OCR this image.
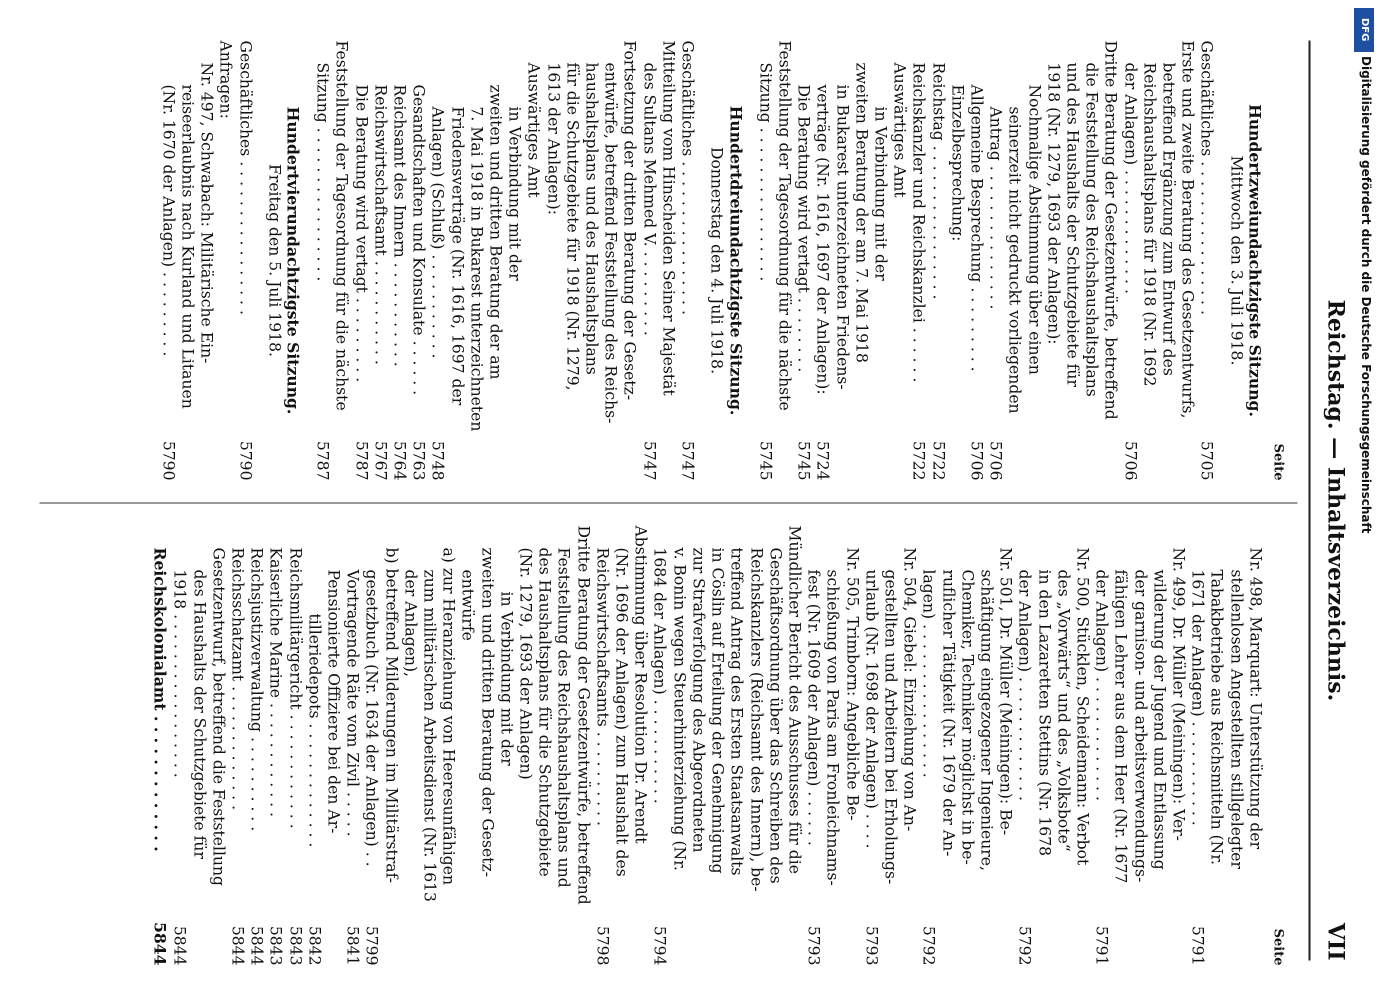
Reichstag. — Inhaltsverzeichnis.
VII
Seite
Hundertzweiundachtzigste Sitzung.
Mittwoch den 3. Juli 1918.
Geschäftliches . . . . . . . . . . . . . . . .
5705
Erste und zweite Beratung des Gesetzentwurfs,
betreffend Ergänzung zum Entwurf des
Reichshaushaltsplans für 1918 (Nr. 1692
der Anlagen) . . . . . . . . . . . . .
5706
Dritte Beratung der Gesetzentwürfe, betreffend
die Feststellung des Reichshaushaltsplans
und des Haushalts der Schutzgebiete für
1918 (Nr. 1279, 1693 der Anlagen):
Nochmalige Abstimmung über einen
seinerzeit nicht gedruckt vorliegenden
Antrag . . . . . . . . . . . . . . .
5706
Allgemeine Besprechung . . . . . . . . .
5706
Einzelbesprechung:
Reichstag . . . . . . . . . . . . . . . .
5722
Reichskanzler und Reichskanzlei . . . . . .
5722
Auswärtiges Amt
in Verbindung mit der
zweiten Beratung der am 7. Mai 1918
in Bukarest unterzeichneten Friedens-
verträge (Nr. 1616, 1697 der Anlagen):
5724
Die Beratung wird vertagt . . . . . . . .
5745
Feststellung der Tagesordnung für die nächste
Sitzung . . . . . . . . . . . . . . . .
5745
Hundertdreiundachtzigste Sitzung.
Donnerstag den 4. Juli 1918.
Geschäftliches . . . . . . . . . . . . . . . .
5747
Mitteilung vom Hinscheiden Seiner Majestät
des Sultans Mehmed V. . . . . . . . . .
5747
Fortsetzung der dritten Beratung der Gesetz-
entwürfe, betreffend Feststellung des Reichs-
haushaltsplans und des Haushaltsplans
für die Schutzgebiete für 1918 (Nr. 1279,
1613 der Anlagen):
Auswärtiges Amt
in Verbindung mit der
zweiten und dritten Beratung der am
7. Mai 1918 in Bukarest unterzeichneten
Friedensverträge (Nr. 1616, 1697 der
Anlagen) (Schluß) . . . . . . . . . . .
5748
Gesandtschaften und Konsulate . . . . . .
5763
Reichsamt des Innern . . . . . . . . . . .
5764
Reichswirtschaftsamt . . . . . . . . . . .
5767
Die Beratung wird vertagt . . . . . . . . .
5787
Feststellung der Tagesordnung für die nächste
Sitzung . . . . . . . . . . . . . . . .
5787
Hundertvierundachtzigste Sitzung.
Freitag den 5. Juli 1918.
Geschäftliches . . . . . . . . . . . . . . . .
5790
Anfragen:
Nr. 497, Schwabach: Militärische Ein-
reiseerlaubnis nach Kurland und Litauen
(Nr. 1670 der Anlagen) . . . . . . . . .
5790
Seite
Nr. 498, Marquart: Unterstützung der
stellenlosen Angestellten stillgelegter
Tabakbetriebe aus Reichsmitteln (Nr.
1671 der Anlagen) . . . . . . . . . . .
5791
Nr. 499, Dr. Müller (Meiningen): Ver-
wilderung der Jugend und Entlassung
der garnison- und arbeitsverwendungs-
fähigen Lehrer aus dem Heer (Nr. 1677
der Anlagen) . . . . . . . . . . . . .
5791
Nr. 500, Stücklen, Scheidemann: Verbot
des „Vorwärts“ und des „Volksbote“
in den Lazaretten Stettins (Nr. 1678
der Anlagen) . . . . . . . . . . . . .
5792
Nr. 501, Dr. Müller (Meiningen): Be-
schäftigung eingezogener Ingenieure,
Chemiker, Techniker möglichst in be-
ruflicher Tätigkeit (Nr. 1679 der An-
lagen) . . . . . . . . . . . . . . . .
5792
Nr. 504, Giebel: Einziehung von An-
gestellten und Arbeitern bei Erholungs-
urlaub (Nr. 1698 der Anlagen) . . . .
5793
Nr. 505, Trimborn: Angebliche Be-
schießung von Paris am Fronleichnams-
fest (Nr. 1609 der Anlagen) . . . . . .
5793
Mündlicher Bericht des Ausschusses für die
Geschäftsordnung über das Schreiben des
Reichskanzlers (Reichsamt des Innern), be-
treffend Antrag des Ersten Staatsanwalts
in Cöslin auf Erteilung der Genehmigung
zur Strafverfolgung des Abgeordneten
v. Bonin wegen Steuerhinterziehung (Nr.
1684 der Anlagen) . . . . . . . . . . .
5794
Abstimmung über Resolution Dr. Arendt
(Nr. 1696 der Anlagen) zum Haushalt des
Reichswirtschaftsamts . . . . . . . . . .
5798
Dritte Beratung der Gesetzentwürfe, betreffend
Feststellung des Reichshaushaltsplans und
des Haushaltsplans für die Schutzgebiete
(Nr. 1279, 1693 der Anlagen)
in Verbindung mit der
zweiten und dritten Beratung der Gesetz-
entwürfe
a) zur Heranziehung von Heeresunfähigen
zum militärischen Arbeitsdienst (Nr. 1613
der Anlagen),
b) betreffend Milderungen im Militärstraf-
gesetzbuch (Nr. 1634 der Anlagen) . .
5799
Vortragende Räte vom Zivil . . . . .
5841
Pensionierte Offiziere bei den Ar-
tilleriedepots . . . . . . . . . . . . .
5842
Reichsmilitärgericht . . . . . . . . . . . .
5843
Kaiserliche Marine . . . . . . . . . . . .
5843
Reichsjustizverwaltung . . . . . . . . . .
5844
Reichsschatzamt . . . . . . . . . . . . .
5844
Gesetzentwurf, betreffend die Feststellung
des Haushalts der Schutzgebiete für
1918 . . . . . . . . . . . . . . . . .
5844
Reichskolonialamt . . . . . . . . . . . . .
5844
DFG
Digitalisierung gefördert durch die Deutsche Forschungsgemeinschaft
